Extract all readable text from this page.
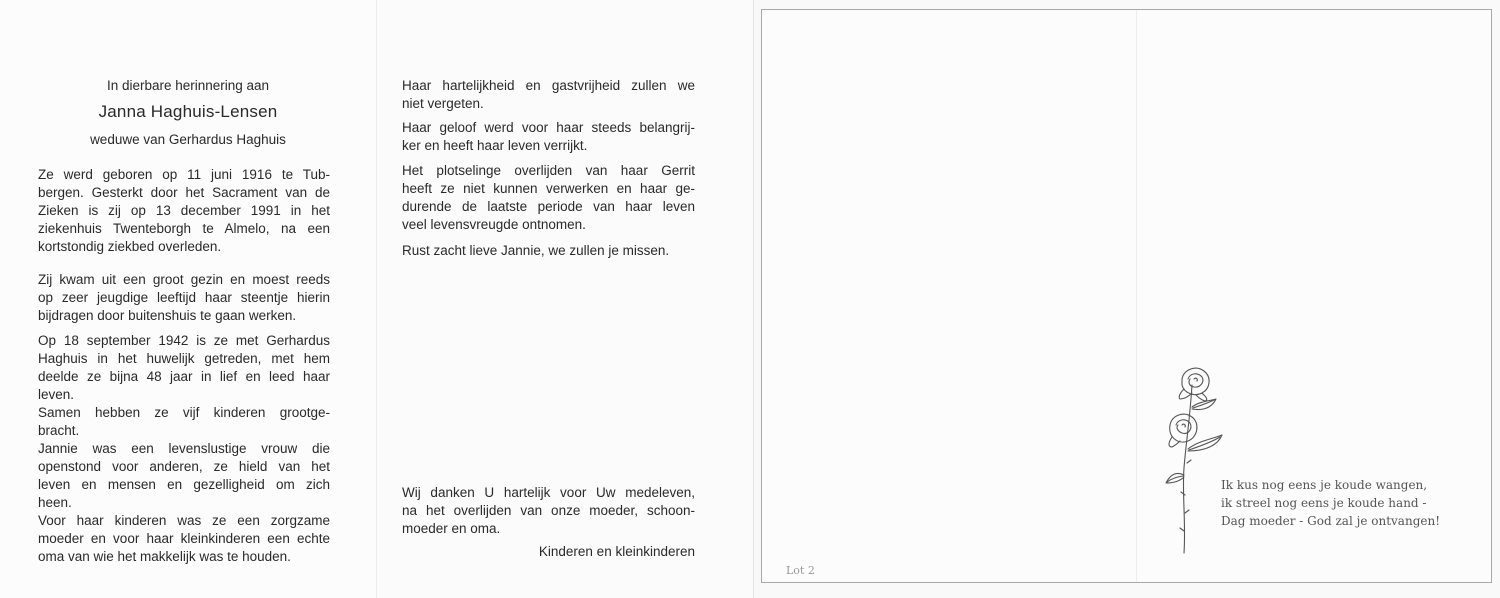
In dierbare herinnering aan
Janna Haghuis-Lensen
weduwe van Gerhardus Haghuis
Ze werd geboren op 11 juni 1916 te Tub-
bergen. Gesterkt door het Sacrament van de
Zieken is zij op 13 december 1991 in het
ziekenhuis Twenteborgh te Almelo, na een
kortstondig ziekbed overleden.
Zij kwam uit een groot gezin en moest reeds
op zeer jeugdige leeftijd haar steentje hierin
bijdragen door buitenshuis te gaan werken.
Op 18 september 1942 is ze met Gerhardus
Haghuis in het huwelijk getreden, met hem
deelde ze bijna 48 jaar in lief en leed haar
leven.
Samen hebben ze vijf kinderen grootge-
bracht.
Jannie was een levenslustige vrouw die
openstond voor anderen, ze hield van het
leven en mensen en gezelligheid om zich
heen.
Voor haar kinderen was ze een zorgzame
moeder en voor haar kleinkinderen een echte
oma van wie het makkelijk was te houden.
Haar hartelijkheid en gastvrijheid zullen we
niet vergeten.
Haar geloof werd voor haar steeds belangrij-
ker en heeft haar leven verrijkt.
Het plotselinge overlijden van haar Gerrit
heeft ze niet kunnen verwerken en haar ge-
durende de laatste periode van haar leven
veel levensvreugde ontnomen.
Rust zacht lieve Jannie, we zullen je missen.
Wij danken U hartelijk voor Uw medeleven,
na het overlijden van onze moeder, schoon-
moeder en oma.
Kinderen en kleinkinderen
Ik kus nog eens je koude wangen,
ik streel nog eens je koude hand -
Dag moeder - God zal je ontvangen!
Lot 2
